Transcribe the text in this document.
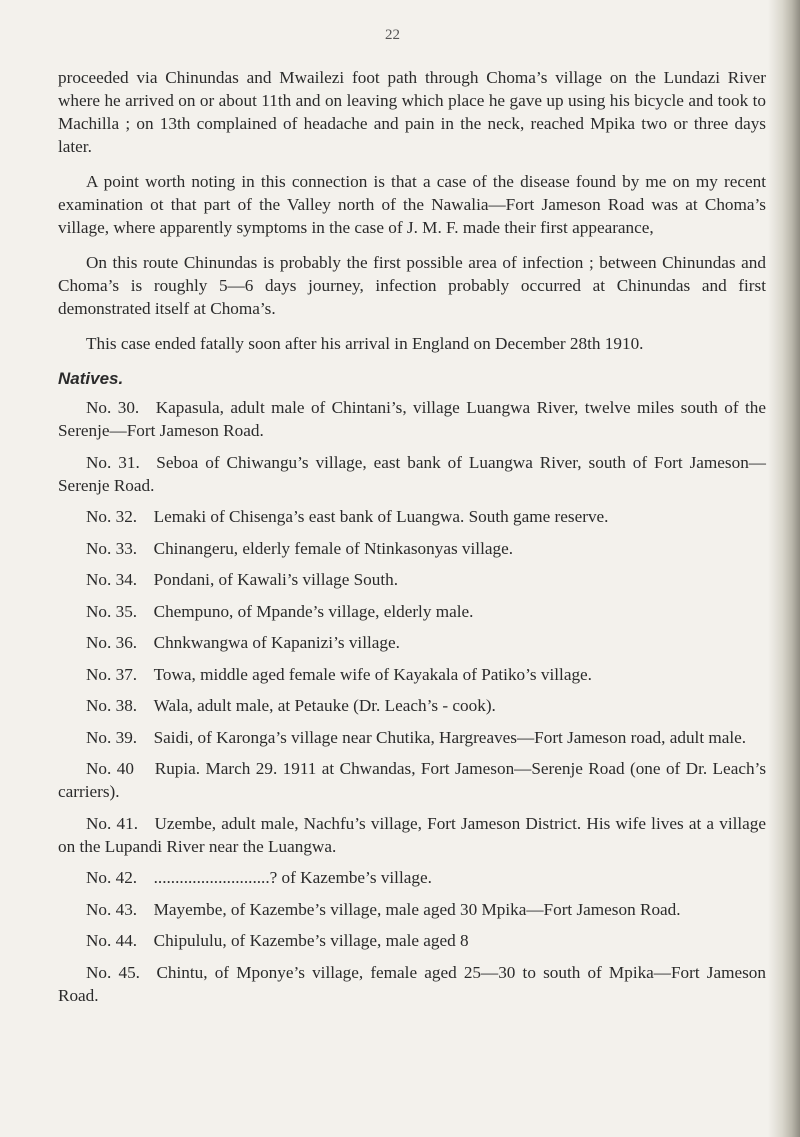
22

proceeded via Chinundas and Mwailezi foot path through Choma’s village on the Lundazi River where he arrived on or about 11th and on leaving which place he gave up using his bicycle and took to Machilla ; on 13th complained of headache and pain in the neck, reached Mpika two or three days later.

A point worth noting in this connection is that a case of the disease found by me on my recent examination ot that part of the Valley north of the Nawalia—Fort Jameson Road was at Choma’s village, where apparently symptoms in the case of J. M. F. made their first appearance,

On this route Chinundas is probably the first possible area of infection ; between Chinundas and Choma’s is roughly 5—6 days journey, infection probably occurred at Chinundas and first demonstrated itself at Choma’s.

This case ended fatally soon after his arrival in England on December 28th 1910.

Natives.

No. 30. Kapasula, adult male of Chintani’s, village Luangwa River, twelve miles south of the Serenje—Fort Jameson Road.

No. 31. Seboa of Chiwangu’s village, east bank of Luangwa River, south of Fort Jameson—Serenje Road.

No. 32. Lemaki of Chisenga’s east bank of Luangwa. South game reserve.

No. 33. Chinangeru, elderly female of Ntinkasonyas village.

No. 34. Pondani, of Kawali’s village South.

No. 35. Chempuno, of Mpande’s village, elderly male.

No. 36. Chnkwangwa of Kapanizi’s village.

No. 37. Towa, middle aged female wife of Kayakala of Patiko’s village.

No. 38. Wala, adult male, at Petauke (Dr. Leach’s - cook).

No. 39. Saidi, of Karonga’s village near Chutika, Hargreaves—Fort Jameson road, adult male.

No. 40 Rupia. March 29. 1911 at Chwandas, Fort Jameson—Serenje Road (one of Dr. Leach’s carriers).

No. 41. Uzembe, adult male, Nachfu’s village, Fort Jameson District. His wife lives at a village on the Lupandi River near the Luangwa.

No. 42. ...........................? of Kazembe’s village.

No. 43. Mayembe, of Kazembe’s village, male aged 30 Mpika—Fort Jameson Road.

No. 44. Chipululu, of Kazembe’s village, male aged 8

No. 45. Chintu, of Mponye’s village, female aged 25—30 to south of Mpika—Fort Jameson Road.
